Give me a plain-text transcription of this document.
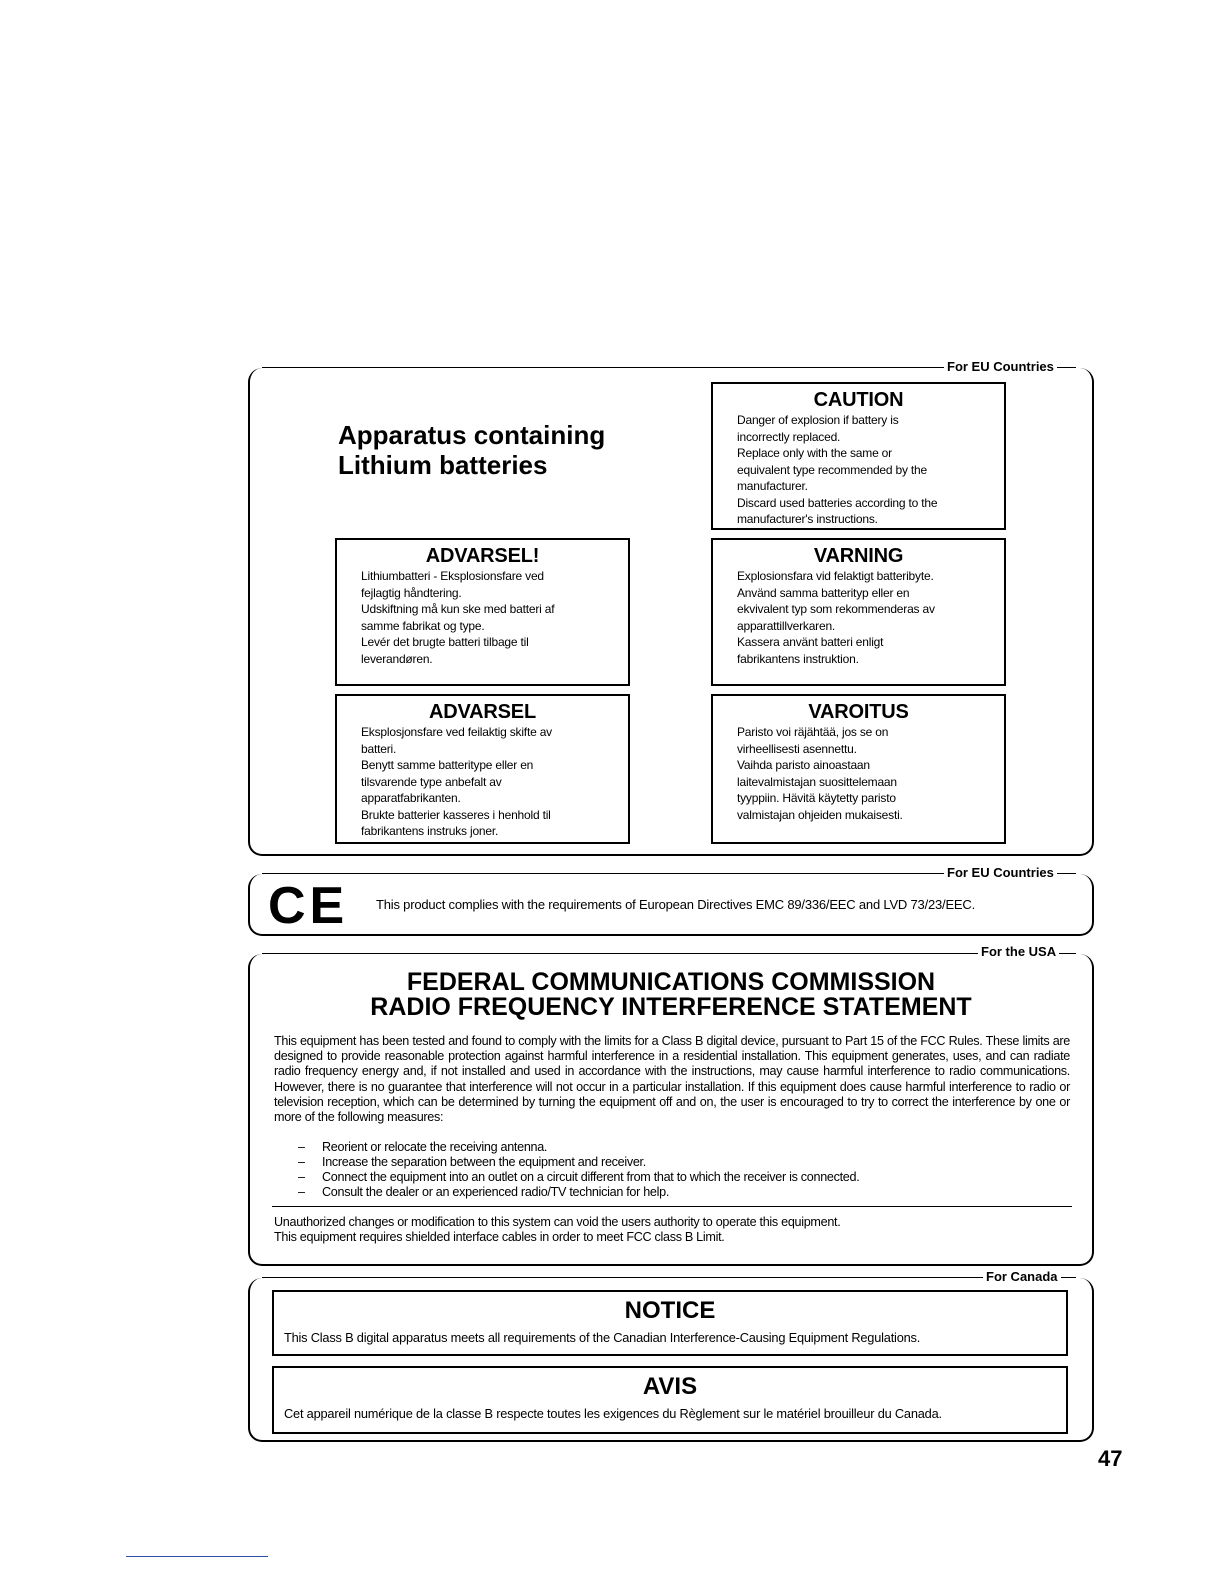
For EU Countries
Apparatus containing
Lithium batteries
CAUTION
Danger of explosion if battery is
incorrectly replaced.
Replace only with the same or
equivalent type recommended by the
manufacturer.
Discard used batteries according to the
manufacturer's instructions.
ADVARSEL!
Lithiumbatteri - Eksplosionsfare ved
fejlagtig håndtering.
Udskiftning må kun ske med batteri af
samme fabrikat og type.
Levér det brugte batteri tilbage til
leverandøren.
VARNING
Explosionsfara vid felaktigt batteribyte.
Använd samma batterityp eller en
ekvivalent typ som rekommenderas av
apparattillverkaren.
Kassera använt batteri enligt
fabrikantens instruktion.
ADVARSEL
Eksplosjonsfare ved feilaktig skifte av
batteri.
Benytt samme batteritype eller en
tilsvarende type anbefalt av
apparatfabrikanten.
Brukte batterier kasseres i henhold til
fabrikantens instruks joner.
VAROITUS
Paristo voi räjähtää, jos se on
virheellisesti asennettu.
Vaihda paristo ainoastaan
laitevalmistajan suosittelemaan
tyyppiin. Hävitä käytetty paristo
valmistajan ohjeiden mukaisesti.
For EU Countries
CE This product complies with the requirements of European Directives EMC 89/336/EEC and LVD 73/23/EEC.
For the USA
FEDERAL COMMUNICATIONS COMMISSION
RADIO FREQUENCY INTERFERENCE STATEMENT
This equipment has been tested and found to comply with the limits for a Class B digital device, pursuant to Part 15 of the FCC Rules. These limits are designed to provide reasonable protection against harmful interference in a residential installation. This equipment generates, uses, and can radiate radio frequency energy and, if not installed and used in accordance with the instructions, may cause harmful interference to radio communications. However, there is no guarantee that interference will not occur in a particular installation. If this equipment does cause harmful interference to radio or television reception, which can be determined by turning the equipment off and on, the user is encouraged to try to correct the interference by one or more of the following measures:
– Reorient or relocate the receiving antenna.
– Increase the separation between the equipment and receiver.
– Connect the equipment into an outlet on a circuit different from that to which the receiver is connected.
– Consult the dealer or an experienced radio/TV technician for help.
Unauthorized changes or modification to this system can void the users authority to operate this equipment.
This equipment requires shielded interface cables in order to meet FCC class B Limit.
For Canada
NOTICE
This Class B digital apparatus meets all requirements of the Canadian Interference-Causing Equipment Regulations.
AVIS
Cet appareil numérique de la classe B respecte toutes les exigences du Règlement sur le matériel brouilleur du Canada.
47
